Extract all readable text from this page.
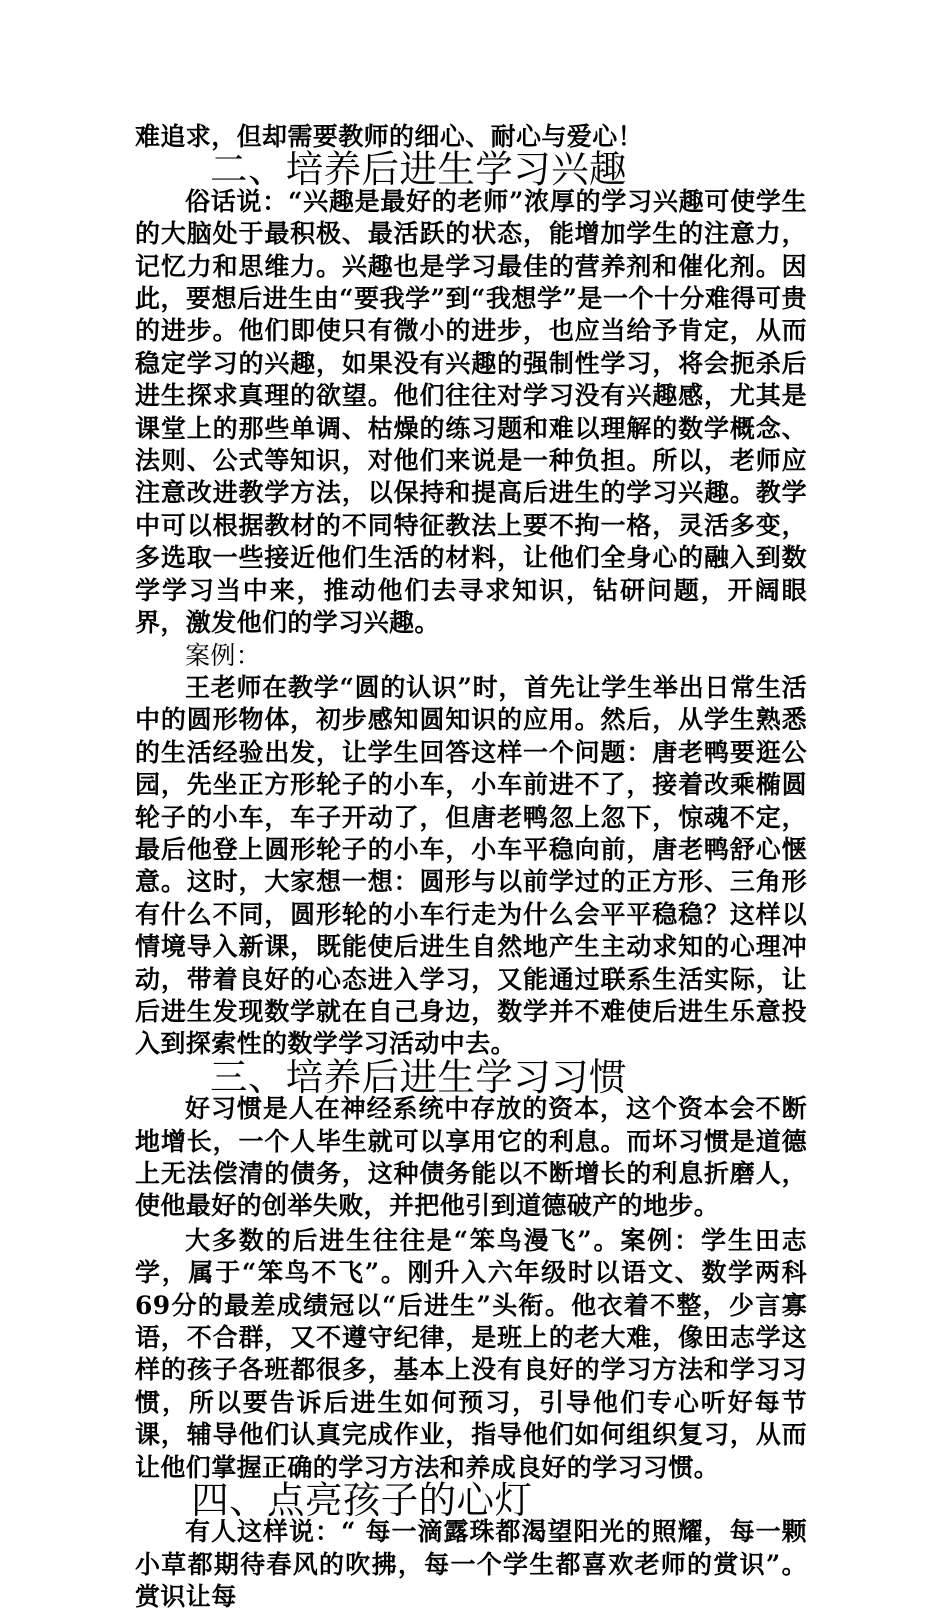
难追求，但却需要教师的细心、耐心与爱心！

二、培养后进生学习兴趣

俗话说：“兴趣是最好的老师”浓厚的学习兴趣可使学生的大脑处于最积极、最活跃的状态，能增加学生的注意力，记忆力和思维力。兴趣也是学习最佳的营养剂和催化剂。因此，要想后进生由“要我学”到“我想学”是一个十分难得可贵的进步。他们即使只有微小的进步，也应当给予肯定，从而稳定学习的兴趣，如果没有兴趣的强制性学习，将会扼杀后进生探求真理的欲望。他们往往对学习没有兴趣感，尤其是课堂上的那些单调、枯燥的练习题和难以理解的数学概念、法则、公式等知识，对他们来说是一种负担。所以，老师应注意改进教学方法，以保持和提高后进生的学习兴趣。教学中可以根据教材的不同特征教法上要不拘一格，灵活多变，多选取一些接近他们生活的材料，让他们全身心的融入到数学学习当中来，推动他们去寻求知识，钻研问题，开阔眼界，激发他们的学习兴趣。

案例：

王老师在教学“圆的认识”时，首先让学生举出日常生活中的圆形物体，初步感知圆知识的应用。然后，从学生熟悉的生活经验出发，让学生回答这样一个问题：唐老鸭要逛公园，先坐正方形轮子的小车，小车前进不了，接着改乘椭圆轮子的小车，车子开动了，但唐老鸭忽上忽下，惊魂不定，最后他登上圆形轮子的小车，小车平稳向前，唐老鸭舒心惬意。这时，大家想一想：圆形与以前学过的正方形、三角形有什么不同，圆形轮的小车行走为什么会平平稳稳？这样以情境导入新课，既能使后进生自然地产生主动求知的心理冲动，带着良好的心态进入学习，又能通过联系生活实际，让后进生发现数学就在自己身边，数学并不难使后进生乐意投入到探索性的数学学习活动中去。

三、培养后进生学习习惯

好习惯是人在神经系统中存放的资本，这个资本会不断地增长，一个人毕生就可以享用它的利息。而坏习惯是道德上无法偿清的债务，这种债务能以不断增长的利息折磨人，使他最好的创举失败，并把他引到道德破产的地步。

大多数的后进生往往是“笨鸟漫飞”。案例：学生田志学，属于“笨鸟不飞”。刚升入六年级时以语文、数学两科69分的最差成绩冠以“后进生”头衔。他衣着不整，少言寡语，不合群，又不遵守纪律，是班上的老大难，像田志学这样的孩子各班都很多，基本上没有良好的学习方法和学习习惯，所以要告诉后进生如何预习，引导他们专心听好每节课，辅导他们认真完成作业，指导他们如何组织复习，从而让他们掌握正确的学习方法和养成良好的学习习惯。

四、点亮孩子的心灯

有人这样说：“ 每一滴露珠都渴望阳光的照耀，每一颗小草都期待春风的吹拂，每一个学生都喜欢老师的赏识”。赏识让每
